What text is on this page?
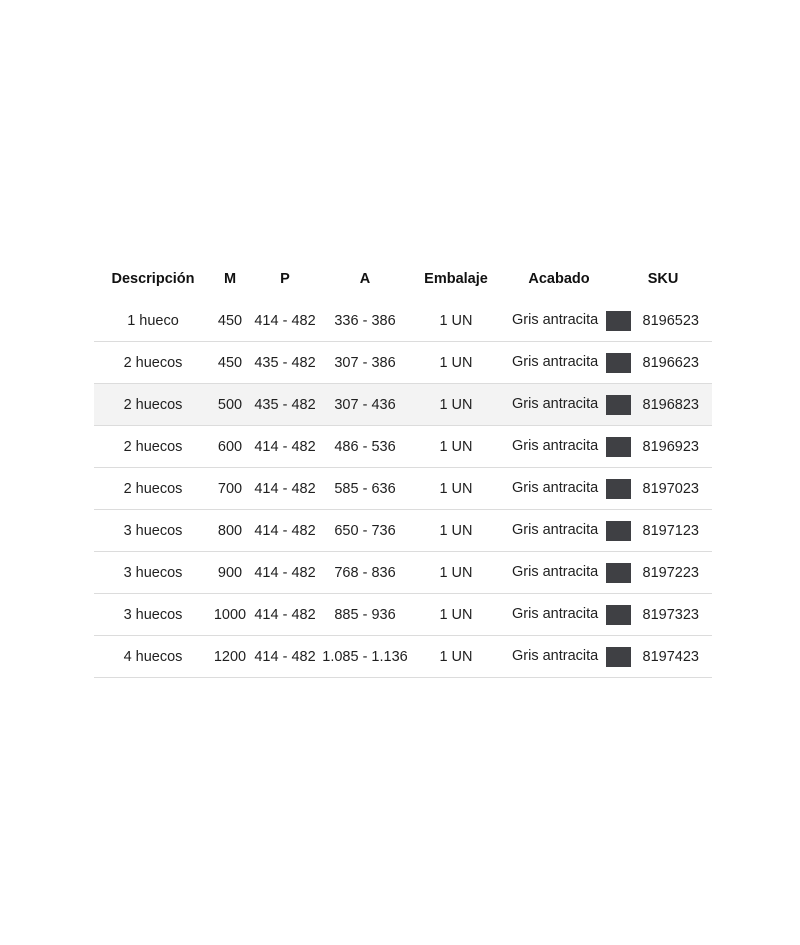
Descripción	M	P	A	Embalaje	Acabado	SKU
1 hueco	450	414 - 482	336 - 386	1 UN	Gris antracita	8196523
2 huecos	450	435 - 482	307 - 386	1 UN	Gris antracita	8196623
2 huecos	500	435 - 482	307 - 436	1 UN	Gris antracita	8196823
2 huecos	600	414 - 482	486 - 536	1 UN	Gris antracita	8196923
2 huecos	700	414 - 482	585 - 636	1 UN	Gris antracita	8197023
3 huecos	800	414 - 482	650 - 736	1 UN	Gris antracita	8197123
3 huecos	900	414 - 482	768 - 836	1 UN	Gris antracita	8197223
3 huecos	1000	414 - 482	885 - 936	1 UN	Gris antracita	8197323
4 huecos	1200	414 - 482	1.085 - 1.136	1 UN	Gris antracita	8197423
